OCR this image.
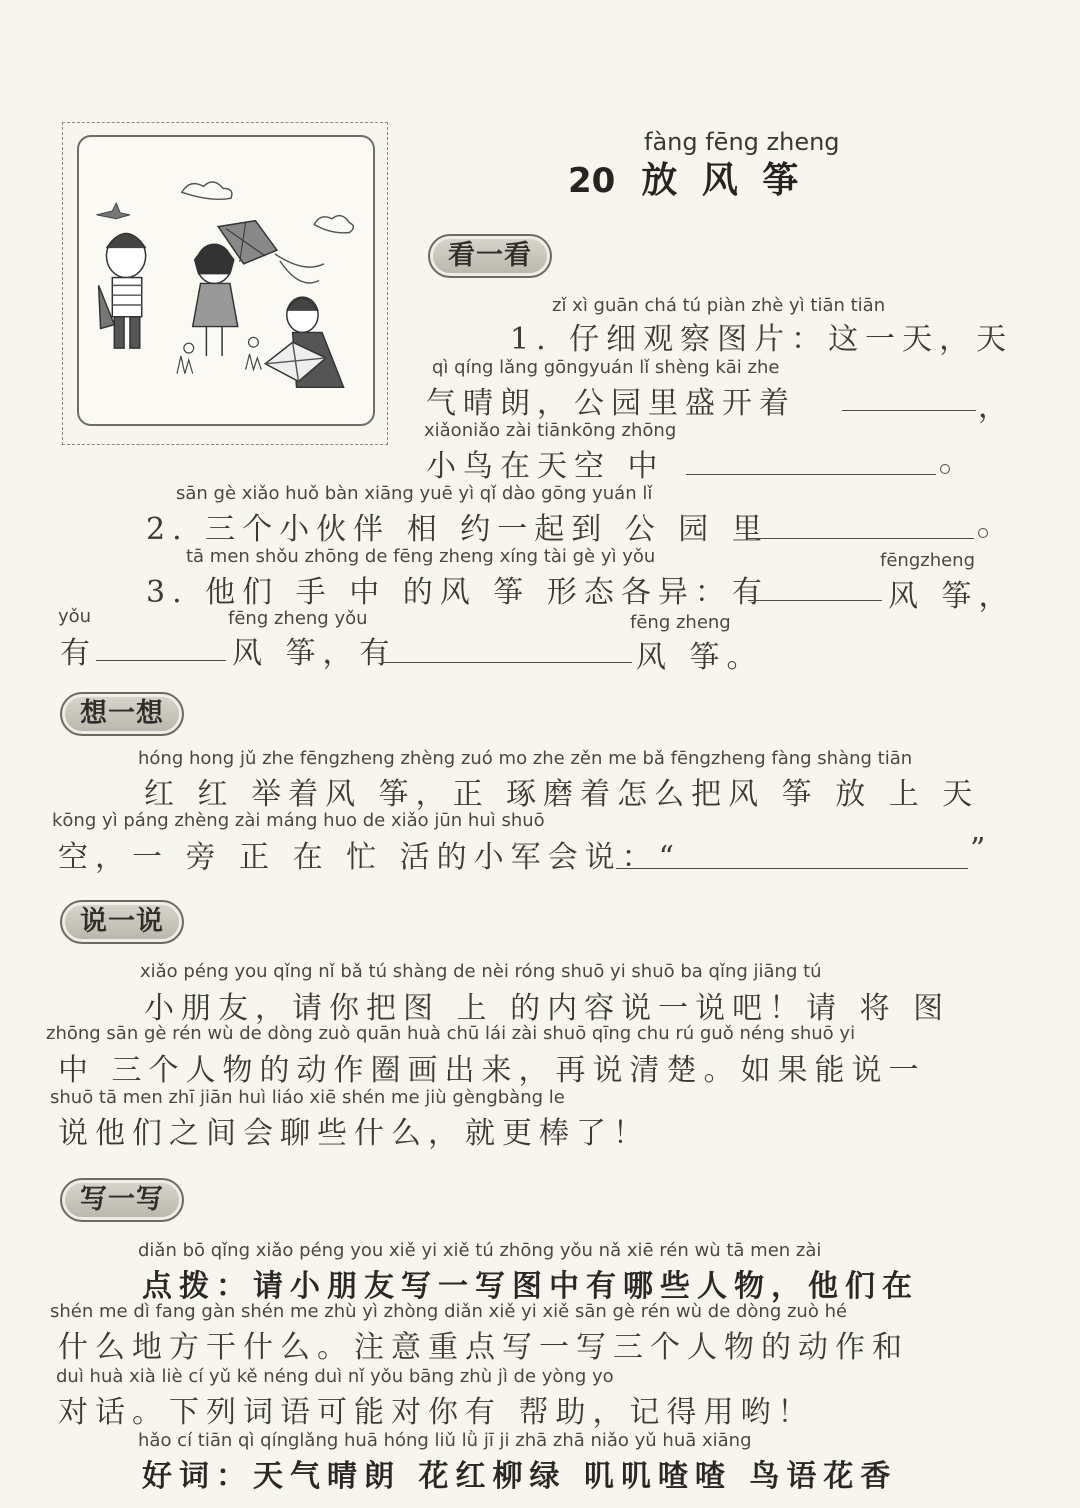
fàng fēng zheng
20 放 风 筝
看一看
zǐ xì guān chá tú piàn zhè yì tiān tiān
1. 仔细观察图片：这一天，天
qì qíng lǎng gōngyuán lǐ shèng kāi zhe
气晴朗，公园里盛开着	，
xiǎoniǎo zài tiānkōng zhōng
小鸟在天空 中
sān gè xiǎo huǒ bàn xiāng yuē yì qǐ dào gōng yuán lǐ
2. 三个小伙伴 相 约一起到 公 园 里
tā men shǒu zhōng de fēng zheng xíng tài gè yì yǒu	fēngzheng
3. 他们 手 中 的风 筝 形态各异：有	风 筝，
yǒu	fēng zheng yǒu	fēng zheng
有	风 筝，有	风 筝。
想一想
hóng hong jǔ zhe fēngzheng zhèng zuó mo zhe zěn me bǎ fēngzheng fàng shàng tiān
红 红 举着风 筝，正 琢磨着怎么把风 筝 放 上 天
kōng yì páng zhèng zài máng huo de xiǎo jūn huì shuō
空，一 旁 正 在 忙 活的小军会说：“	”
说一说
xiǎo péng you qǐng nǐ bǎ tú shàng de nèi róng shuō yi shuō ba qǐng jiāng tú
小朋友，请你把图 上 的内容说一说吧！请 将 图
zhōng sān gè rén wù de dòng zuò quān huà chū lái zài shuō qīng chu rú guǒ néng shuō yi
中 三个人物的动作圈画出来，再说清楚。如果能说一
shuō tā men zhī jiān huì liáo xiē shén me jiù gèngbàng le
说他们之间会聊些什么，就更棒了！
写一写
diǎn bō qǐng xiǎo péng you xiě yi xiě tú zhōng yǒu nǎ xiē rén wù tā men zài
点拨：请小朋友写一写图中有哪些人物，他们在
shén me dì fang gàn shén me zhù yì zhòng diǎn xiě yi xiě sān gè rén wù de dòng zuò hé
什么地方干什么。注意重点写一写三个人物的动作和
duì huà xià liè cí yǔ kě néng duì nǐ yǒu bāng zhù jì de yòng yo
对话。下列词语可能对你有 帮助，记得用哟！
hǎo cí tiān qì qínglǎng huā hóng liǔ lǜ jī ji zhā zhā niǎo yǔ huā xiāng
好词：天气晴朗 花红柳绿 叽叽喳喳 鸟语花香
